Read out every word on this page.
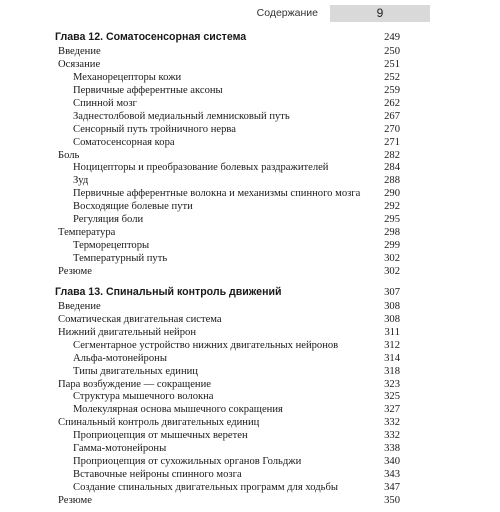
Содержание	9
Глава 12. Соматосенсорная система	249
Введение	250
Осязание	251
Механорецепторы кожи	252
Первичные афферентные аксоны	259
Спинной мозг	262
Заднестолбовой медиальный лемнисковый путь	267
Сенсорный путь тройничного нерва	270
Соматосенсорная кора	271
Боль	282
Ноцицепторы и преобразование болевых раздражителей	284
Зуд	288
Первичные афферентные волокна и механизмы спинного мозга	290
Восходящие болевые пути	292
Регуляция боли	295
Температура	298
Терморецепторы	299
Температурный путь	302
Резюме	302
Глава 13. Спинальный контроль движений	307
Введение	308
Соматическая двигательная система	308
Нижний двигательный нейрон	311
Сегментарное устройство нижних двигательных нейронов	312
Альфа-мотонейроны	314
Типы двигательных единиц	318
Пара возбуждение — сокращение	323
Структура мышечного волокна	325
Молекулярная основа мышечного сокращения	327
Спинальный контроль двигательных единиц	332
Проприоцепция от мышечных веретен	332
Гамма-мотонейроны	338
Проприоцепция от сухожильных органов Гольджи	340
Вставочные нейроны спинного мозга	343
Создание спинальных двигательных программ для ходьбы	347
Резюме	350
